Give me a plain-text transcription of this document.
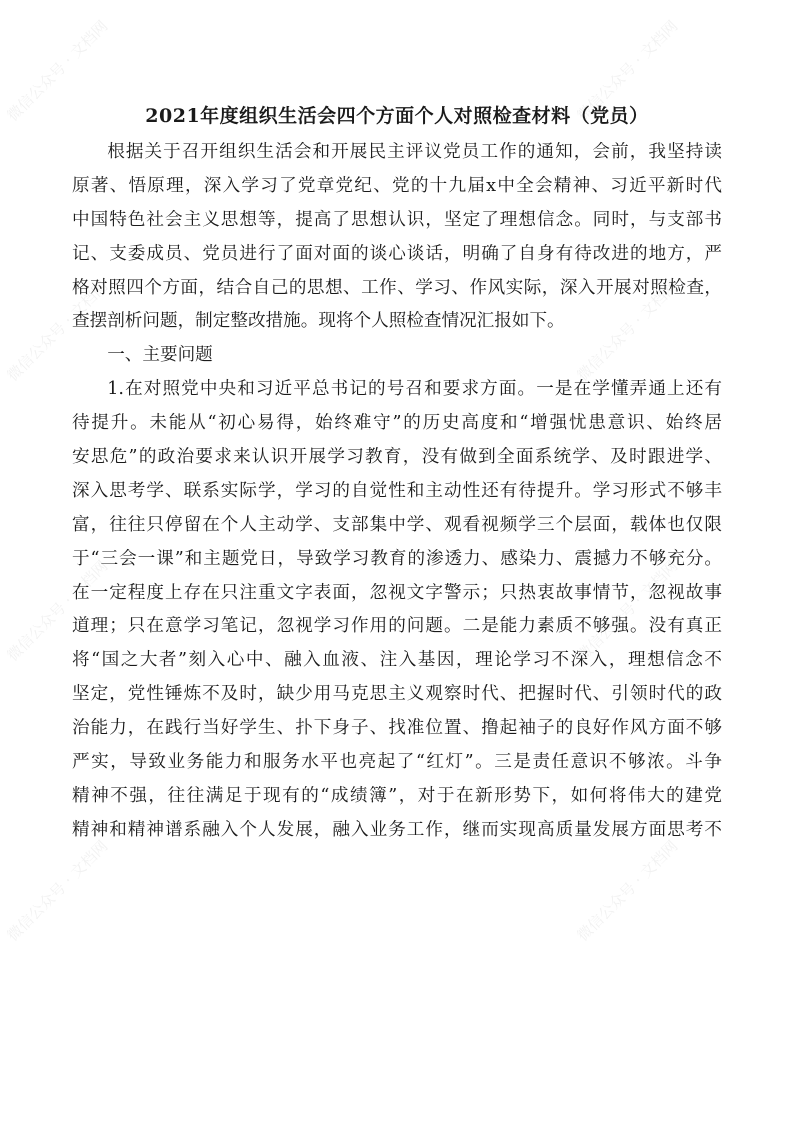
2021年度组织生活会四个方面个人对照检查材料（党员）
根据关于召开组织生活会和开展民主评议党员工作的通知，会前，我坚持读
原著、悟原理，深入学习了党章党纪、党的十九届x中全会精神、习近平新时代
中国特色社会主义思想等，提高了思想认识，坚定了理想信念。同时，与支部书
记、支委成员、党员进行了面对面的谈心谈话，明确了自身有待改进的地方，严
格对照四个方面，结合自己的思想、工作、学习、作风实际，深入开展对照检查，
查摆剖析问题，制定整改措施。现将个人照检查情况汇报如下。
一、主要问题
1.在对照党中央和习近平总书记的号召和要求方面。一是在学懂弄通上还有
待提升。未能从“初心易得，始终难守”的历史高度和“增强忧患意识、始终居
安思危”的政治要求来认识开展学习教育，没有做到全面系统学、及时跟进学、
深入思考学、联系实际学，学习的自觉性和主动性还有待提升。学习形式不够丰
富，往往只停留在个人主动学、支部集中学、观看视频学三个层面，载体也仅限
于“三会一课”和主题党日，导致学习教育的渗透力、感染力、震撼力不够充分。
在一定程度上存在只注重文字表面，忽视文字警示；只热衷故事情节，忽视故事
道理；只在意学习笔记，忽视学习作用的问题。二是能力素质不够强。没有真正
将“国之大者”刻入心中、融入血液、注入基因，理论学习不深入，理想信念不
坚定，党性锤炼不及时，缺少用马克思主义观察时代、把握时代、引领时代的政
治能力，在践行当好学生、扑下身子、找准位置、撸起袖子的良好作风方面不够
严实，导致业务能力和服务水平也亮起了“红灯”。三是责任意识不够浓。斗争
精神不强，往往满足于现有的“成绩簿”，对于在新形势下，如何将伟大的建党
精神和精神谱系融入个人发展，融入业务工作，继而实现高质量发展方面思考不
微信公众号 · 文档网	微信公众号 · 文档网
微信公众号 · 文档网	微信公众号 · 文档网
微信公众号 · 文档网	微信公众号 · 文档网
微信公众号 · 文档网	微信公众号 · 文档网
